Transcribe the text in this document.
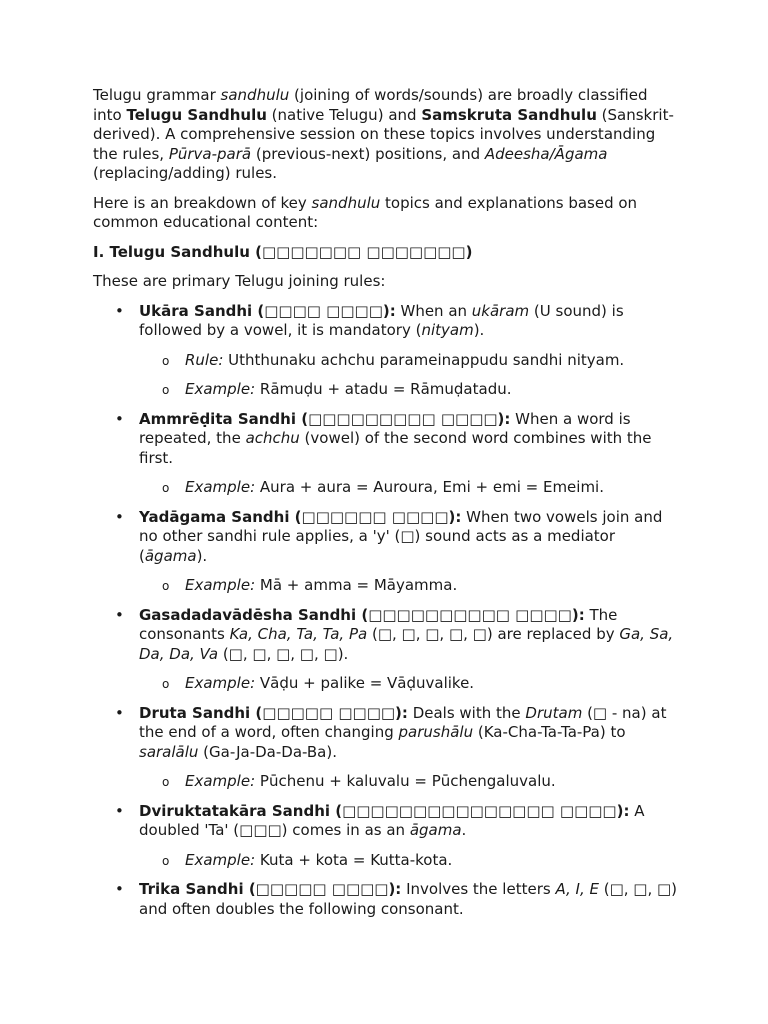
Telugu grammar sandhulu (joining of words/sounds) are broadly classified into Telugu Sandhulu (native Telugu) and Samskruta Sandhulu (Sanskrit-derived). A comprehensive session on these topics involves understanding the rules, Pūrva-parā (previous-next) positions, and Adeesha/Āgama (replacing/adding) rules.

Here is an breakdown of key sandhulu topics and explanations based on common educational content:

I. Telugu Sandhulu (□□□□□□□ □□□□□□□)

These are primary Telugu joining rules:

• Ukāra Sandhi (□□□□ □□□□): When an ukāram (U sound) is followed by a vowel, it is mandatory (nityam).
o Rule: Uththunaku achchu parameinappudu sandhi nityam.
o Example: Rāmuḍu + atadu = Rāmuḍatadu.
• Ammrēḍita Sandhi (□□□□□□□□□ □□□□): When a word is repeated, the achchu (vowel) of the second word combines with the first.
o Example: Aura + aura = Auroura, Emi + emi = Emeimi.
• Yadāgama Sandhi (□□□□□□ □□□□): When two vowels join and no other sandhi rule applies, a 'y' (□) sound acts as a mediator (āgama).
o Example: Mā + amma = Māyamma.
• Gasadadavādēsha Sandhi (□□□□□□□□□□ □□□□): The consonants Ka, Cha, Ta, Ta, Pa (□, □, □, □, □) are replaced by Ga, Sa, Da, Da, Va (□, □, □, □, □).
o Example: Vāḍu + palike = Vāḍuvalike.
• Druta Sandhi (□□□□□ □□□□): Deals with the Drutam (□ - na) at the end of a word, often changing parushālu (Ka-Cha-Ta-Ta-Pa) to saralālu (Ga-Ja-Da-Da-Ba).
o Example: Pūchenu + kaluvalu = Pūchengaluvalu.
• Dviruktatakāra Sandhi (□□□□□□□□□□□□□□□ □□□□): A doubled 'Ta' (□□□) comes in as an āgama.
o Example: Kuta + kota = Kutta-kota.
• Trika Sandhi (□□□□□ □□□□): Involves the letters A, I, E (□, □, □) and often doubles the following consonant.
